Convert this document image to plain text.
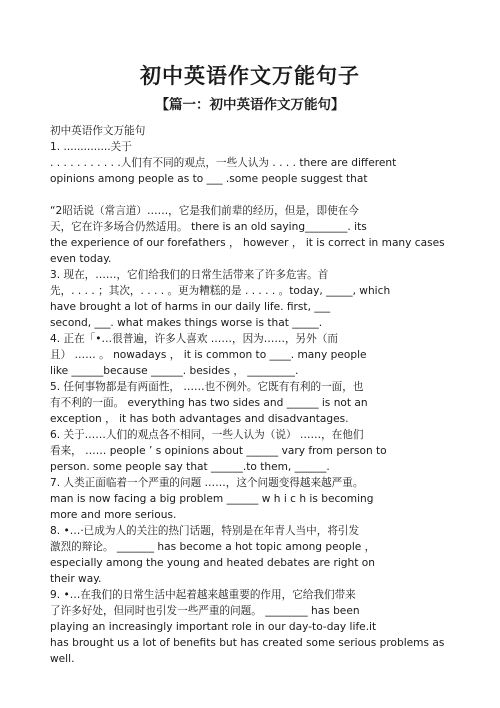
初中英语作文万能句子
【篇一：初中英语作文万能句】
初中英语作文万能句
1. ..............关于
. . . . . . . . . . .人们有不同的观点，一些人认为 . . . . there are different
opinions among people as to ___ .some people suggest that
“2昭话说（常言道）……，它是我们前辈的经历，但是，即使在今
天，它在许多场合仍然适用。 there is an old saying________. its
the experience of our forefathers ， however ， it is correct in many cases
even today.
3. 现在，……，它们给我们的日常生活带来了许多危害。首
先，. . . . ；其次，. . . . 。更为糟糕的是 . . . . . 。today, _____, which
have brought a lot of harms in our daily life. first, ___
second, ___. what makes things worse is that _____.
4. 正在「•…很普遍，许多人喜欢 ……，因为……，另外（而
且） …… 。 nowadays ， it is common to ____. many people
like ______because ______. besides ， _________.
5. 任何事物都是有两面性， ……也不例外。它既有有利的一面，也
有不利的一面。 everything has two sides and ______ is not an
exception ， it has both advantages and disadvantages.
6. 关于……人们的观点各不相同，一些人认为（说） ……，在他们
看来， …… people ’ s opinions about ______ vary from person to
person. some people say that ______.to them, ______.
7. 人类正面临着一个严重的问题 ……，这个问题变得越来越严重。
man is now facing a big problem ______ w h i c h is becoming
more and more serious.
8. •…·已成为人的关注的热门话题，特别是在年青人当中，将引发
激烈的辩论。 _______ has become a hot topic among people ，
especially among the young and heated debates are right on
their way.
9. •…在我们的日常生活中起着越来越重要的作用，它给我们带来
了许多好处，但同时也引发一些严重的问题。 ________ has been
playing an increasingly important role in our day-to-day life.it
has brought us a lot of benefits but has created some serious problems as
well.
